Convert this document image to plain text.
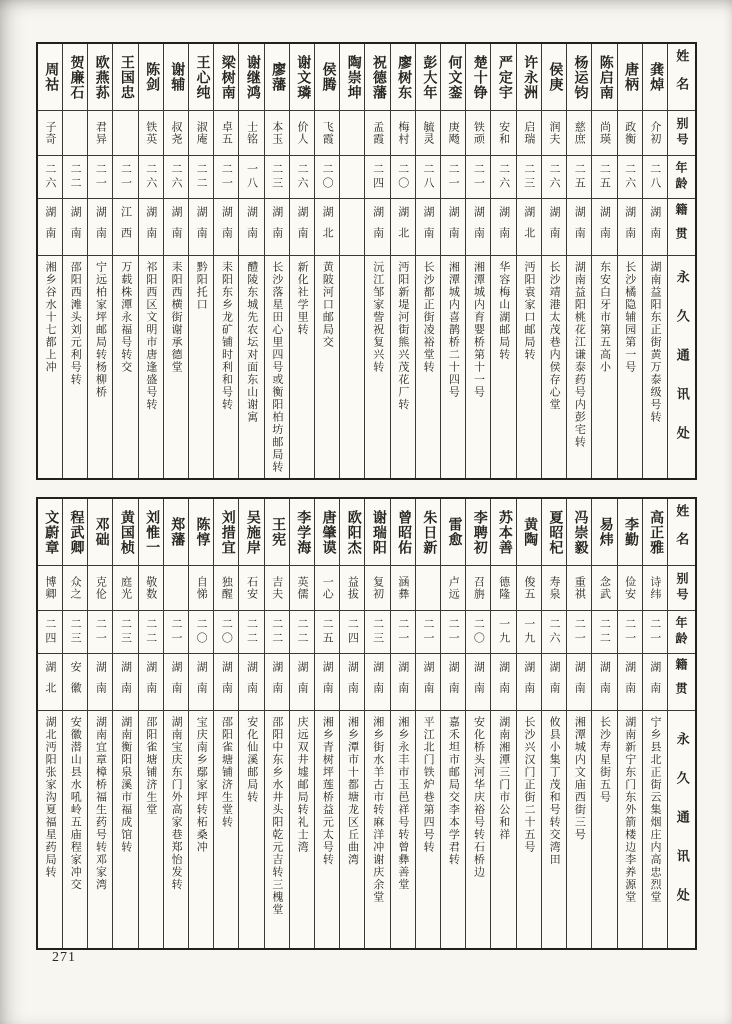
姓名
别号
年龄
籍贯
永久通讯处
龚焯
介初
二八
湖南
湖南益阳东正街黄万泰级号转
唐柄
政衡
二六
湖南
长沙橘隐辅园第一号
陈启南
尚瑛
二五
湖南
东安白牙市第五高小
杨运钧
慈庶
二五
湖南
湖南益阳桃花江谦泰药号内彭宅转
侯庚
润夫
二六
湖南
长沙靖港太茂巷内侯存心堂
许永洲
启瑞
二三
湖北
沔阳袁家口邮局转
严定宇
安和
二六
湖南
华容梅山湖邮局转
楚十铮
铁顽
二一
湖南
湘潭城内育婴桥第十一号
何文銮
庚飏
二一
湖南
湘潭城内喜鹊桥二十四号
彭大年
毓灵
二八
湖南
长沙都正街凌裕堂转
廖树东
梅村
二〇
湖北
沔阳新堤河街熊兴茂花厂转
祝德藩
孟霞
二四
湖南
沅江邹家訾祝复兴转
陶崇坤
侯腾
飞霞
二〇
湖北
黄陂河口邮局交
谢文璘
价人
二六
湖南
新化社学里转
廖藩
本玉
二三
湖南
长沙落星田心里四号或衡阳柏坊邮局转
谢继鸿
士铭
一八
湖南
醴陵东城先农坛对面东山谢寓
梁树南
卓五
二一
湖南
耒阳东乡龙矿铺时利和号转
王心纯
淑庵
二二
湖南
黔阳托口
谢辅
叔尧
二六
湖南
耒阳西横街谢承德堂
陈剑
铁英
二六
湖南
祁阳西区文明市唐逢盛号转
王国忠
二一
江西
万载株潭永福号转交
欧燕荪
君异
二一
湖南
宁远柏家坪邮局转杨柳桥
贺廉石
二二
湖南
邵阳西滩头刘元利号转
周祜
子奇
二六
湖南
湘乡谷水十七都上冲
姓名
别号
年龄
籍贯
永久通讯处
高正雅
诗纬
二一
湖南
宁乡县北正街云集烟庄内高忠烈堂
李勤
俭安
二一
湖南
湖南新宁东门东外箭楼边李养源堂
易炜
念武
二二
湖南
长沙寿星街五号
冯崇毅
重祺
二一
湖南
湘潭城内文庙西街三号
夏昭杞
寿泉
二六
湖南
攸县小集丁茂和号转交湾田
黄陶
俊五
一九
湖南
长沙兴汉门正街二十五号
苏本善
德隆
一九
湖南
湖南湘潭三门市公和祥
李聘初
召旃
二〇
湖南
安化桥头河华庆裕号转石桥边
雷愈
卢远
二一
湖南
嘉禾坦市邮局交李本学君转
朱日新
二一
湖南
平江北门铁炉巷第四号转
曾昭佑
涵彝
二一
湖南
湘乡永丰市玉邑祥号转曾彝善堂
谢瑞阳
复初
二三
湖南
湘乡街水羊古市转麻洋冲谢庆余堂
欧阳杰
益拔
二四
湖南
湘乡潭市十都塘龙区丘曲湾
唐肇谟
一心
二五
湖南
湘乡青树坪莲桥益元太号转
李学海
英儒
二二
湖南
庆远双井墟邮局转礼士湾
王宪
吉夫
二二
湖南
邵阳中东乡水井头阳乾元吉转三槐堂
吴施岸
石安
二二
湖南
安化仙溪邮局转
刘措宜
独醒
二〇
湖南
邵阳雀塘铺济生堂转
陈惇
自悌
二〇
湖南
宝庆南乡鄢家坪转柘桑冲
郑藩
二一
湖南
湖南宝庆东门外高家巷郑怡发转
刘惟一
敬数
二二
湖南
邵阳雀塘铺济生堂
黄国桢
庭光
二三
湖南
湖南衡阳泉溪市福成馆转
邓础
克伦
二一
湖南
湖南宜章樟桥福生药号转邓家湾
程武卿
众之
二三
安徽
安徽潜山县水吼岭五庙程家冲交
文蔚章
博卿
二四
湖北
湖北沔阳张家沟夏福星药局转
271
